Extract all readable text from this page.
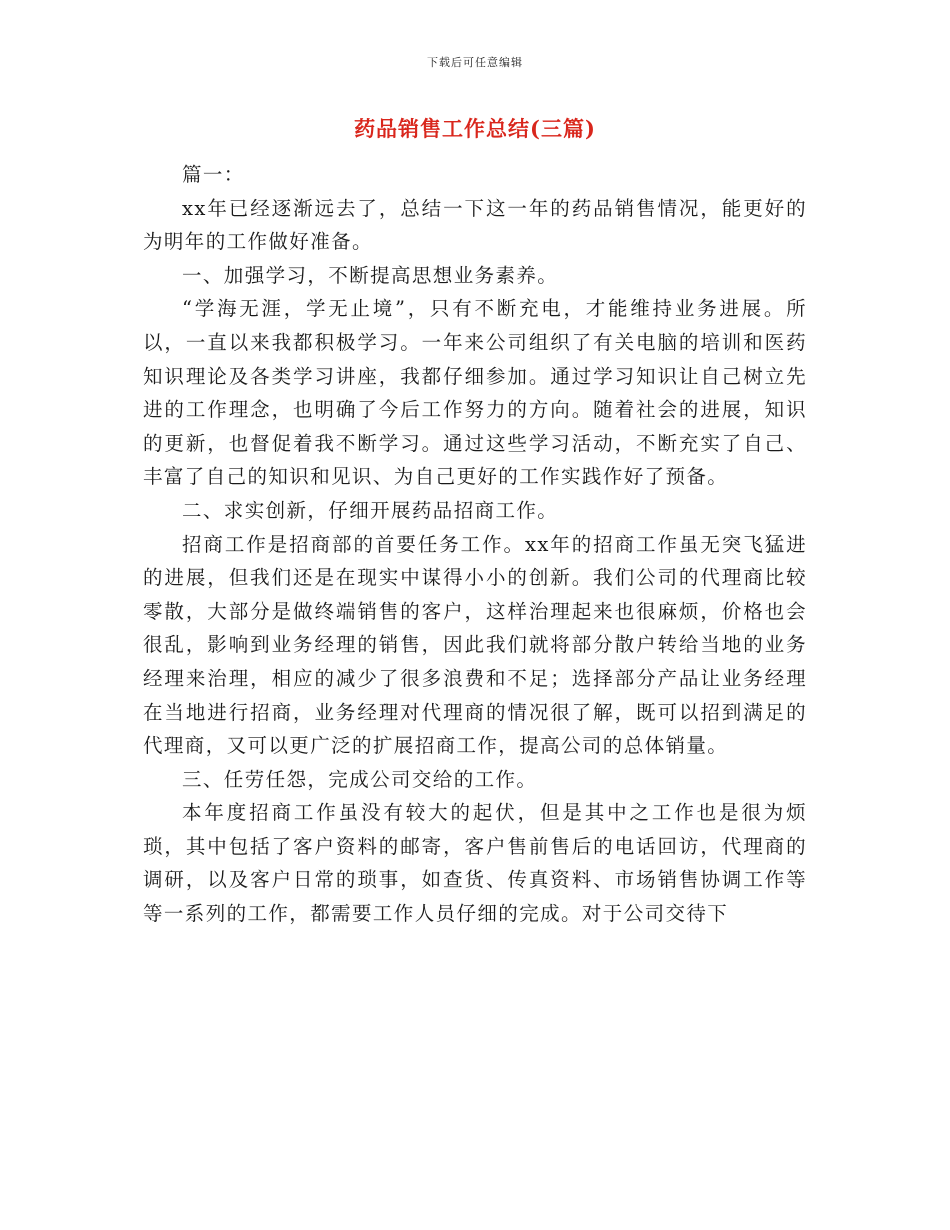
下载后可任意编辑
药品销售工作总结(三篇)

篇一：

xx年已经逐渐远去了，总结一下这一年的药品销售情况，能更好的为明年的工作做好准备。

一、加强学习，不断提高思想业务素养。

“学海无涯，学无止境”，只有不断充电，才能维持业务进展。所以，一直以来我都积极学习。一年来公司组织了有关电脑的培训和医药知识理论及各类学习讲座，我都仔细参加。通过学习知识让自己树立先进的工作理念，也明确了今后工作努力的方向。随着社会的进展，知识的更新，也督促着我不断学习。通过这些学习活动，不断充实了自己、丰富了自己的知识和见识、为自己更好的工作实践作好了预备。

二、求实创新，仔细开展药品招商工作。

招商工作是招商部的首要任务工作。xx年的招商工作虽无突飞猛进的进展，但我们还是在现实中谋得小小的创新。我们公司的代理商比较零散，大部分是做终端销售的客户，这样治理起来也很麻烦，价格也会很乱，影响到业务经理的销售，因此我们就将部分散户转给当地的业务经理来治理，相应的减少了很多浪费和不足；选择部分产品让业务经理在当地进行招商，业务经理对代理商的情况很了解，既可以招到满足的代理商，又可以更广泛的扩展招商工作，提高公司的总体销量。

三、任劳任怨，完成公司交给的工作。

本年度招商工作虽没有较大的起伏，但是其中之工作也是很为烦琐，其中包括了客户资料的邮寄，客户售前售后的电话回访，代理商的调研，以及客户日常的琐事，如查货、传真资料、市场销售协调工作等等一系列的工作，都需要工作人员仔细的完成。对于公司交待下
